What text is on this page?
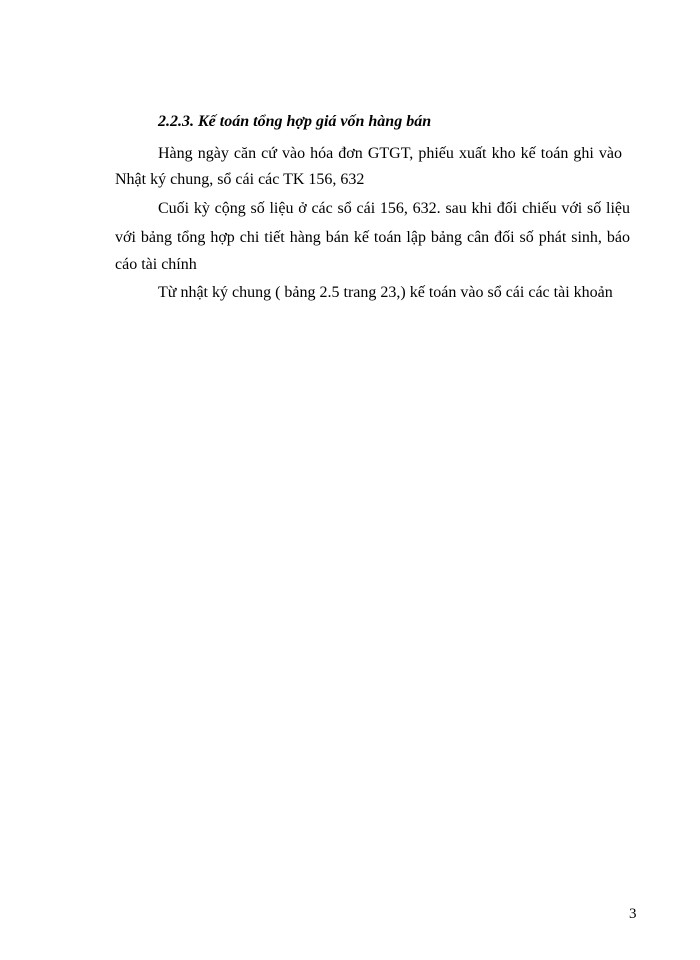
2.2.3. Kế toán tổng hợp giá vốn hàng bán

Hàng ngày căn cứ vào hóa đơn GTGT, phiếu xuất kho kế toán ghi vào

Nhật ký chung, sổ cái các TK 156, 632

Cuối kỳ cộng số liệu ở các sổ cái 156, 632. sau khi đối chiếu với số liệu

với bảng tổng hợp chi tiết hàng bán kế toán lập bảng cân đối số phát sinh, báo

cáo tài chính

Từ nhật ký chung ( bảng 2.5 trang 23,) kế toán vào sổ cái các tài khoản

3
